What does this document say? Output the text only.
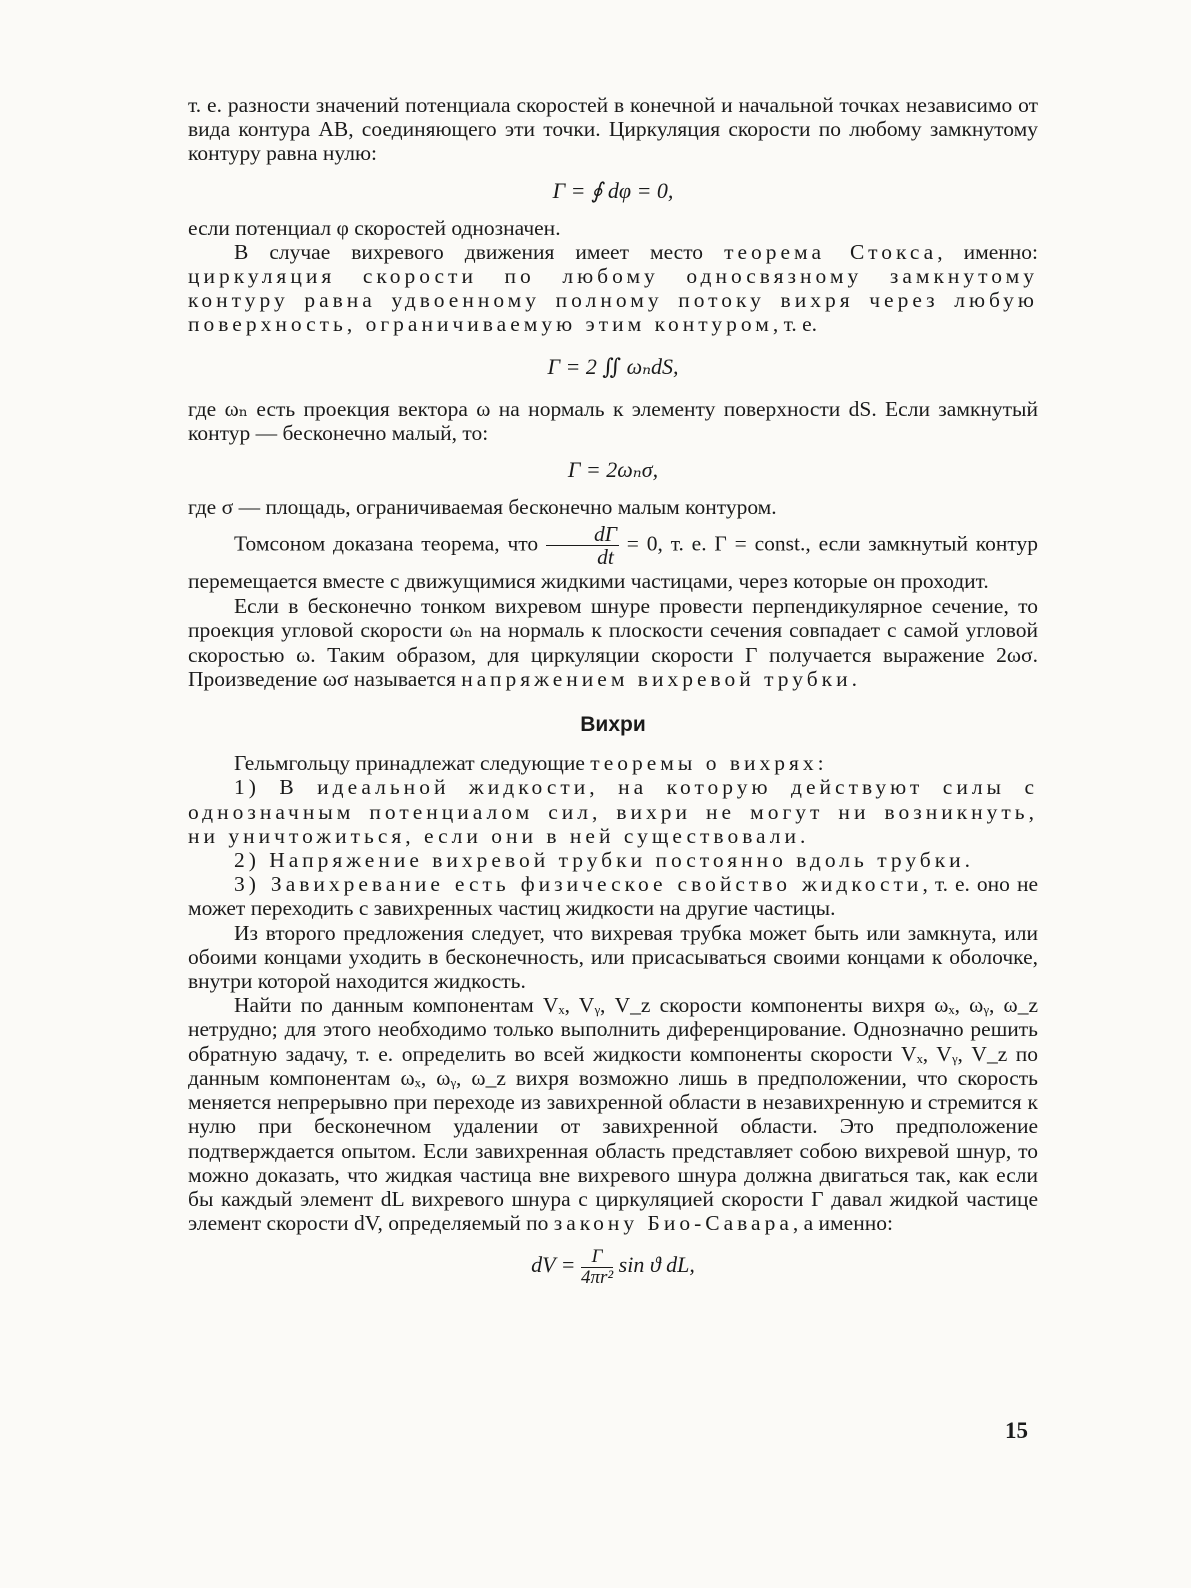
т. е. разности значений потенциала скоростей в конечной и начальной точках независимо от вида контура AB, соединяющего эти точки. Циркуляция скорости по любому замкнутому контуру равна нулю:

Γ = ∮ dφ = 0,

если потенциал φ скоростей однозначен.

В случае вихревого движения имеет место теорема Стокса, именно: циркуляция скорости по любому односвязному замкнутому контуру равна удвоенному полному потоку вихря через любую поверхность, ограничиваемую этим контуром, т. е.

Γ = 2 ∬ ωₙdS,

где ωₙ есть проекция вектора ω на нормаль к элементу поверхности dS. Если замкнутый контур — бесконечно малый, то:

Γ = 2ωₙσ,

где σ — площадь, ограничиваемая бесконечно малым контуром.

Томсоном доказана теорема, что $\frac{d\Gamma}{dt} = 0$, т. е. Γ = const., если замкнутый контур перемещается вместе с движущимися жидкими частицами, через которые он проходит.

Если в бесконечно тонком вихревом шнуре провести перпендикулярное сечение, то проекция угловой скорости ωₙ на нормаль к плоскости сечения совпадает с самой угловой скоростью ω. Таким образом, для циркуляции скорости Γ получается выражение 2ωσ. Произведение ωσ называется напряжением вихревой трубки.

Вихри

Гельмгольцу принадлежат следующие теоремы о вихрях:

1) В идеальной жидкости, на которую действуют силы с однозначным потенциалом сил, вихри не могут ни возникнуть, ни уничтожиться, если они в ней существовали.

2) Напряжение вихревой трубки постоянно вдоль трубки.

3) Завихревание есть физическое свойство жидкости, т. е. оно не может переходить с завихренных частиц жидкости на другие частицы.

Из второго предложения следует, что вихревая трубка может быть или замкнута, или обоими концами уходить в бесконечность, или присасываться своими концами к оболочке, внутри которой находится жидкость.

Найти по данным компонентам Vₓ, Vᵧ, V_z скорости компоненты вихря ωₓ, ωᵧ, ω_z нетрудно; для этого необходимо только выполнить диференцирование. Однозначно решить обратную задачу, т. е. определить во всей жидкости компоненты скорости Vₓ, Vᵧ, V_z по данным компонентам ωₓ, ωᵧ, ω_z вихря возможно лишь в предположении, что скорость меняется непрерывно при переходе из завихренной области в незавихренную и стремится к нулю при бесконечном удалении от завихренной области. Это предположение подтверждается опытом. Если завихренная область представляет собою вихревой шнур, то можно доказать, что жидкая частица вне вихревого шнура должна двигаться так, как если бы каждый элемент dL вихревого шнура с циркуляцией скорости Γ давал жидкой частице элемент скорости dV, определяемый по закону Био-Савара, а именно:

dV = $\frac{\Gamma}{\text{4πr²}}$ sin ϑ dL,
15
